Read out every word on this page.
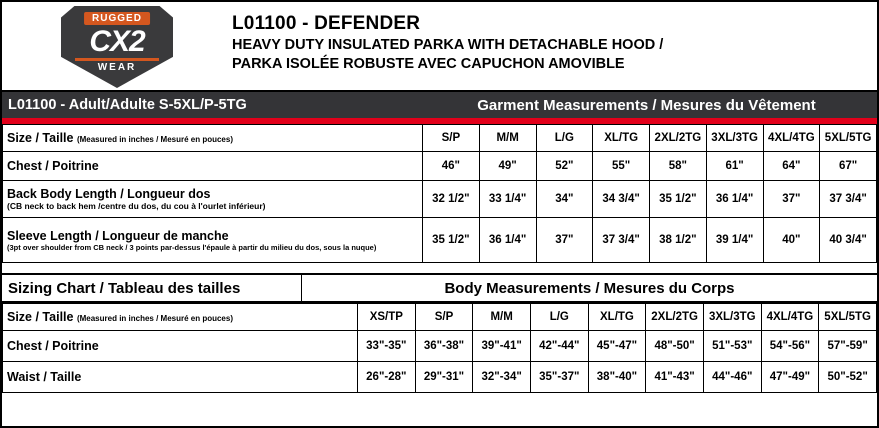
RUGGED
CX2
WEAR
L01100 - DEFENDER
HEAVY DUTY INSULATED PARKA WITH DETACHABLE HOOD /
PARKA ISOLÉE ROBUSTE AVEC CAPUCHON AMOVIBLE
L01100 - Adult/Adulte S-5XL/P-5TG	Garment Measurements / Mesures du Vêtement
Size / Taille (Measured in inches / Mesuré en pouces)	S/P	M/M	L/G	XL/TG	2XL/2TG	3XL/3TG	4XL/4TG	5XL/5TG

Chest / Poitrine	46"	49"	52"	55"	58"	61"	64"	67"

Back Body Length / Longueur dos
(CB neck to back hem /centre du dos, du cou à l'ourlet inférieur)	32 1/2"	33 1/4"	34"	34 3/4"	35 1/2"	36 1/4"	37"	37 3/4"

Sleeve Length / Longueur de manche
(3pt over shoulder from CB neck / 3 points par-dessus l'épaule à partir du milieu du dos, sous la nuque)	35 1/2"	36 1/4"	37"	37 3/4"	38 1/2"	39 1/4"	40"	40 3/4"
Sizing Chart / Tableau des tailles	Body Measurements / Mesures du Corps
Size / Taille (Measured in inches / Mesuré en pouces)	XS/TP	S/P	M/M	L/G	XL/TG	2XL/2TG	3XL/3TG	4XL/4TG	5XL/5TG

Chest / Poitrine	33"-35"	36"-38"	39"-41"	42"-44"	45"-47"	48"-50"	51"-53"	54"-56"	57"-59"

Waist / Taille	26"-28"	29"-31"	32"-34"	35"-37"	38"-40"	41"-43"	44"-46"	47"-49"	50"-52"
